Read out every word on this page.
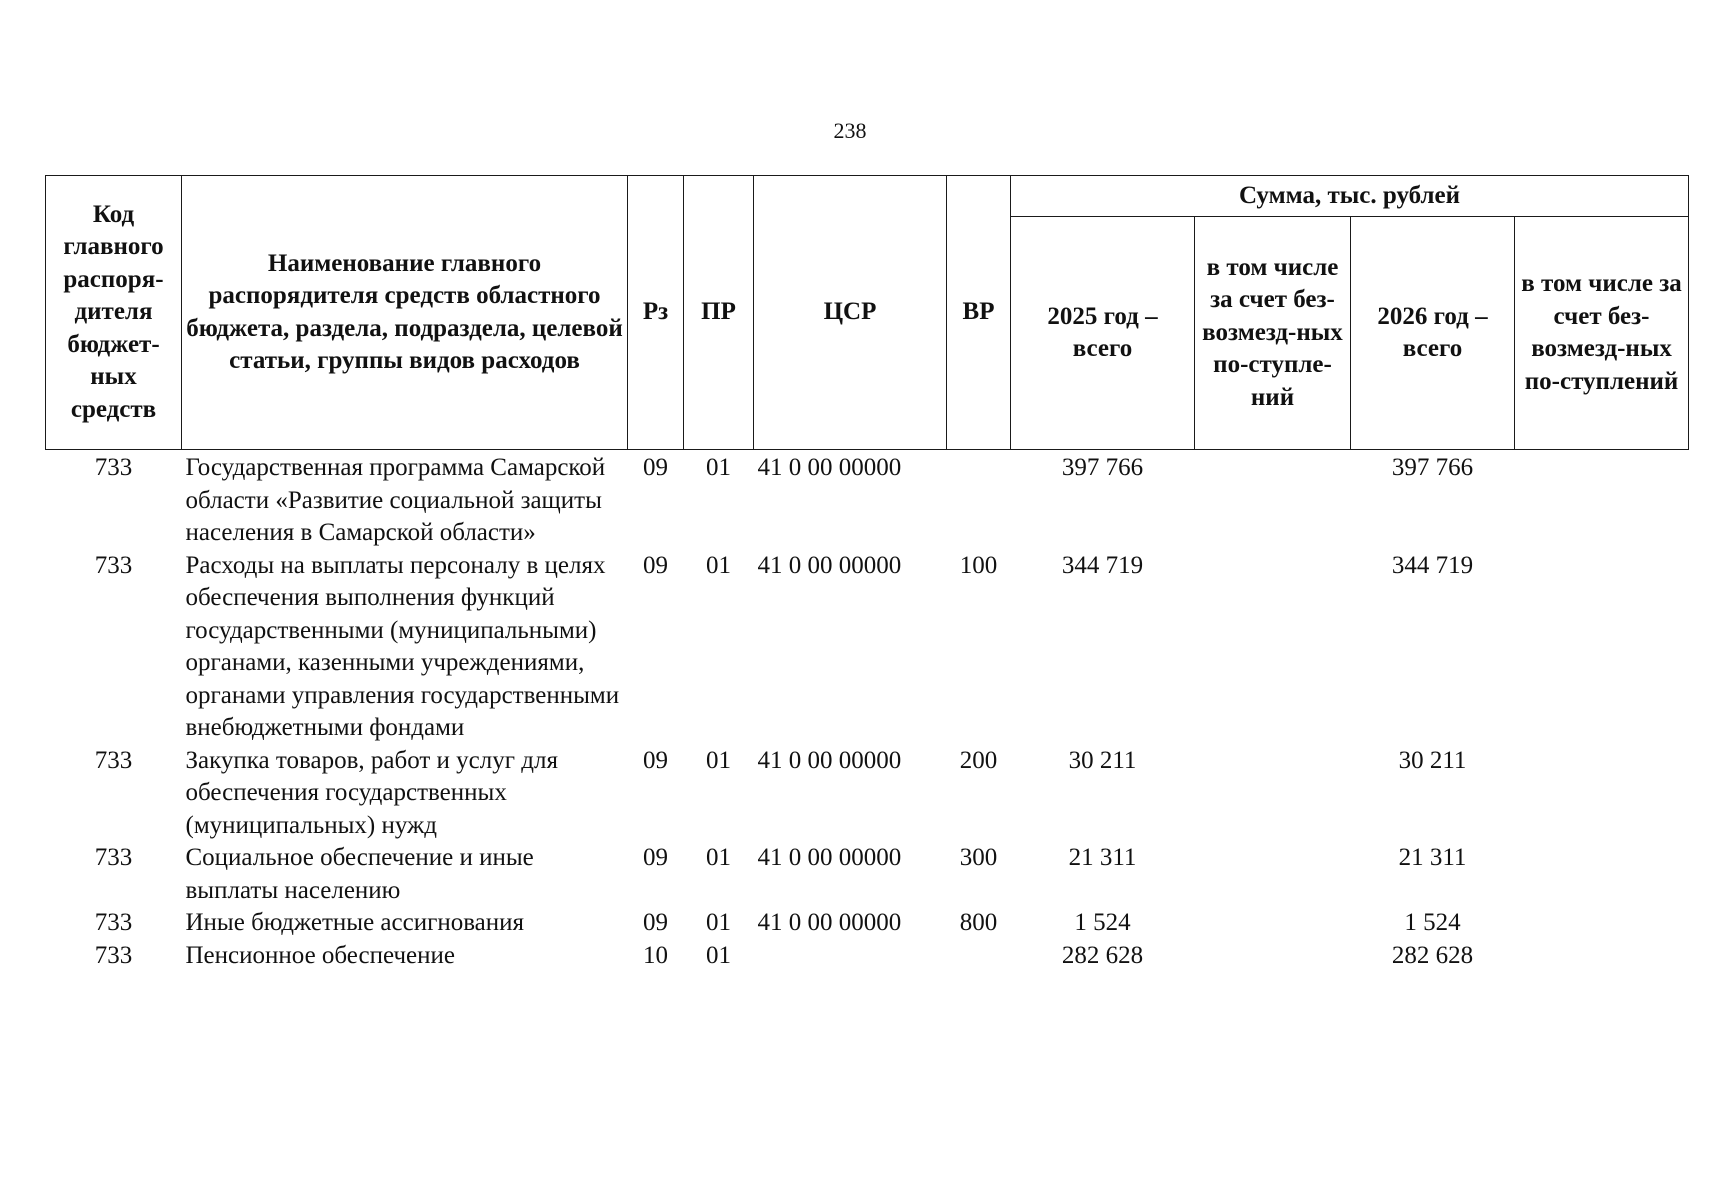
238
Код главного распоря-дителя бюджет-ных средств	Наименование главного распорядителя средств областного бюджета, раздела, подраздела, целевой статьи, группы видов расходов	Рз	ПР	ЦСР	ВР	Сумма, тыс. рублей			
						2025 год – всего	в том числе за счет без-возмезд-ных по-ступле-ний	2026 год – всего	в том числе за счет без-возмезд-ных по-ступлений
733	Государственная программа Самарской области «Развитие социальной защиты населения в Самарской области»	09	01	41 0 00 00000		397 766		397 766	
733	Расходы на выплаты персоналу в целях обеспечения выполнения функций государственными (муниципальными) органами, казенными учреждениями, органами управления государственными внебюджетными фондами	09	01	41 0 00 00000	100	344 719		344 719	
733	Закупка товаров, работ и услуг для обеспечения государственных (муниципальных) нужд	09	01	41 0 00 00000	200	30 211		30 211	
733	Социальное обеспечение и иные выплаты населению	09	01	41 0 00 00000	300	21 311		21 311	
733	Иные бюджетные ассигнования	09	01	41 0 00 00000	800	1 524		1 524	
733	Пенсионное обеспечение	10	01			282 628		282 628	
